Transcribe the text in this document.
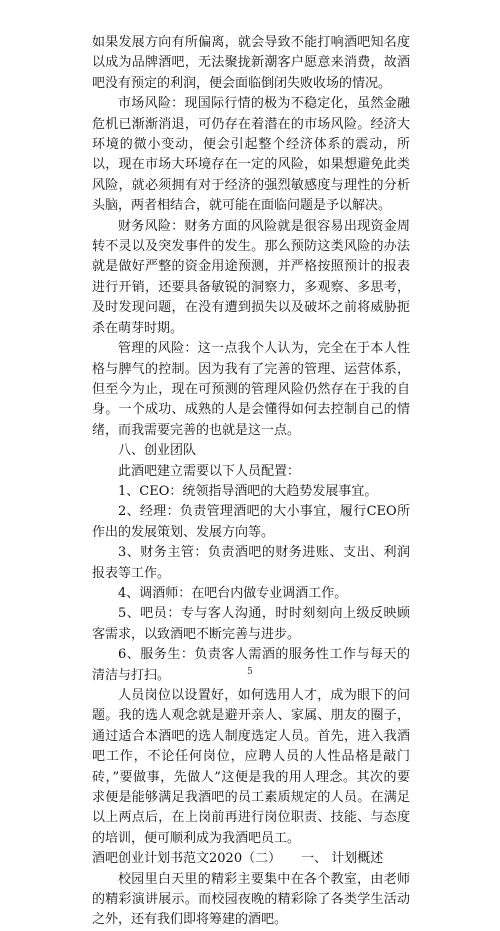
如果发展方向有所偏离，就会导致不能打响酒吧知名度以成为品牌酒吧，无法聚拢新潮客户愿意来消费，故酒吧没有预定的利润，便会面临倒闭失败收场的情况。

市场风险：现国际行情的极为不稳定化，虽然金融危机已渐渐消退，可仍存在着潜在的市场风险。经济大环境的微小变动，便会引起整个经济体系的震动，所以，现在市场大环境存在一定的风险，如果想避免此类风险，就必须拥有对于经济的强烈敏感度与理性的分析头脑，两者相结合，就可能在面临问题是予以解决。

财务风险：财务方面的风险就是很容易出现资金周转不灵以及突发事件的发生。那么预防这类风险的办法就是做好严整的资金用途预测，并严格按照预计的报表进行开销，还要具备敏锐的洞察力，多观察、多思考，及时发现问题，在没有遭到损失以及破坏之前将威胁扼杀在萌芽时期。

管理的风险：这一点我个人认为，完全在于本人性格与脾气的控制。因为我有了完善的管理、运营体系，但至今为止，现在可预测的管理风险仍然存在于我的自身。一个成功、成熟的人是会懂得如何去控制自己的情绪，而我需要完善的也就是这一点。

八、创业团队

此酒吧建立需要以下人员配置：

1、CEO：统领指导酒吧的大趋势发展事宜。

2、经理：负责管理酒吧的大小事宜，履行CEO所作出的发展策划、发展方向等。

3、财务主管：负责酒吧的财务进账、支出、利润报表等工作。

4、调酒师：在吧台内做专业调酒工作。

5、吧员：专与客人沟通，时时刻刻向上级反映顾客需求，以致酒吧不断完善与进步。

6、服务生：负责客人需酒的服务性工作与每天的清洁与打扫。

人员岗位以设置好，如何选用人才，成为眼下的问题。我的选人观念就是避开亲人、家属、朋友的圈子，通过适合本酒吧的选人制度选定人员。首先，进入我酒吧工作，不论任何岗位，应聘人员的人性品格是敲门砖，”要做事，先做人”这便是我的用人理念。其次的要求便是能够满足我酒吧的员工素质规定的人员。在满足以上两点后，在上岗前再进行岗位职责、技能、与态度的培训，便可顺利成为我酒吧员工。

酒吧创业计划书范文2020（二） 一、 计划概述

校园里白天里的精彩主要集中在各个教室，由老师的精彩演讲展示。而校园夜晚的精彩除了各类学生活动之外，还有我们即将筹建的酒吧。

5
